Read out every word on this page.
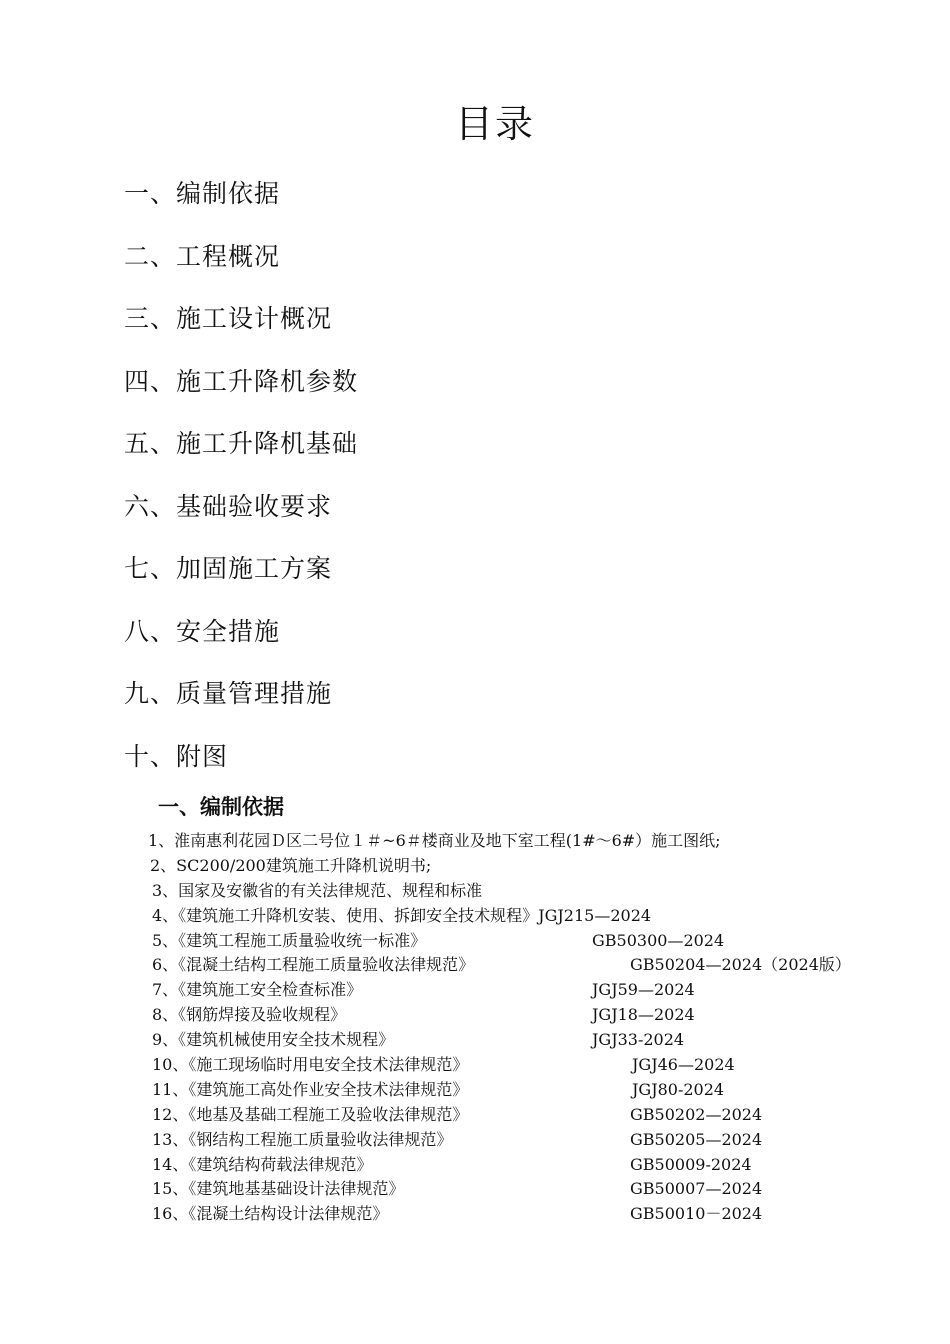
目录
一、编制依据
二、工程概况
三、施工设计概况
四、施工升降机参数
五、施工升降机基础
六、基础验收要求
七、加固施工方案
八、安全措施
九、质量管理措施
十、附图
一、编制依据
1、淮南惠利花园Ｄ区二号位１＃~6＃楼商业及地下室工程(1#～6#）施工图纸;
2、SC200/200建筑施工升降机说明书;
3、国家及安徽省的有关法律规范、规程和标准
4、《建筑施工升降机安装、使用、拆卸安全技术规程》JGJ215—2024
5、《建筑工程施工质量验收统一标准》	GB50300—2024
6、《混凝土结构工程施工质量验收法律规范》	GB50204—2024（2024版）
7、《建筑施工安全检查标准》	JGJ59—2024
8、《钢筋焊接及验收规程》	JGJ18—2024
9、《建筑机械使用安全技术规程》	JGJ33-2024
10、《施工现场临时用电安全技术法律规范》	JGJ46—2024
11、《建筑施工高处作业安全技术法律规范》	JGJ80-2024
12、《地基及基础工程施工及验收法律规范》	GB50202—2024
13、《钢结构工程施工质量验收法律规范》	GB50205—2024
14、《建筑结构荷载法律规范》	GB50009-2024
15、《建筑地基基础设计法律规范》	GB50007—2024
16、《混凝土结构设计法律规范》	GB50010－2024
